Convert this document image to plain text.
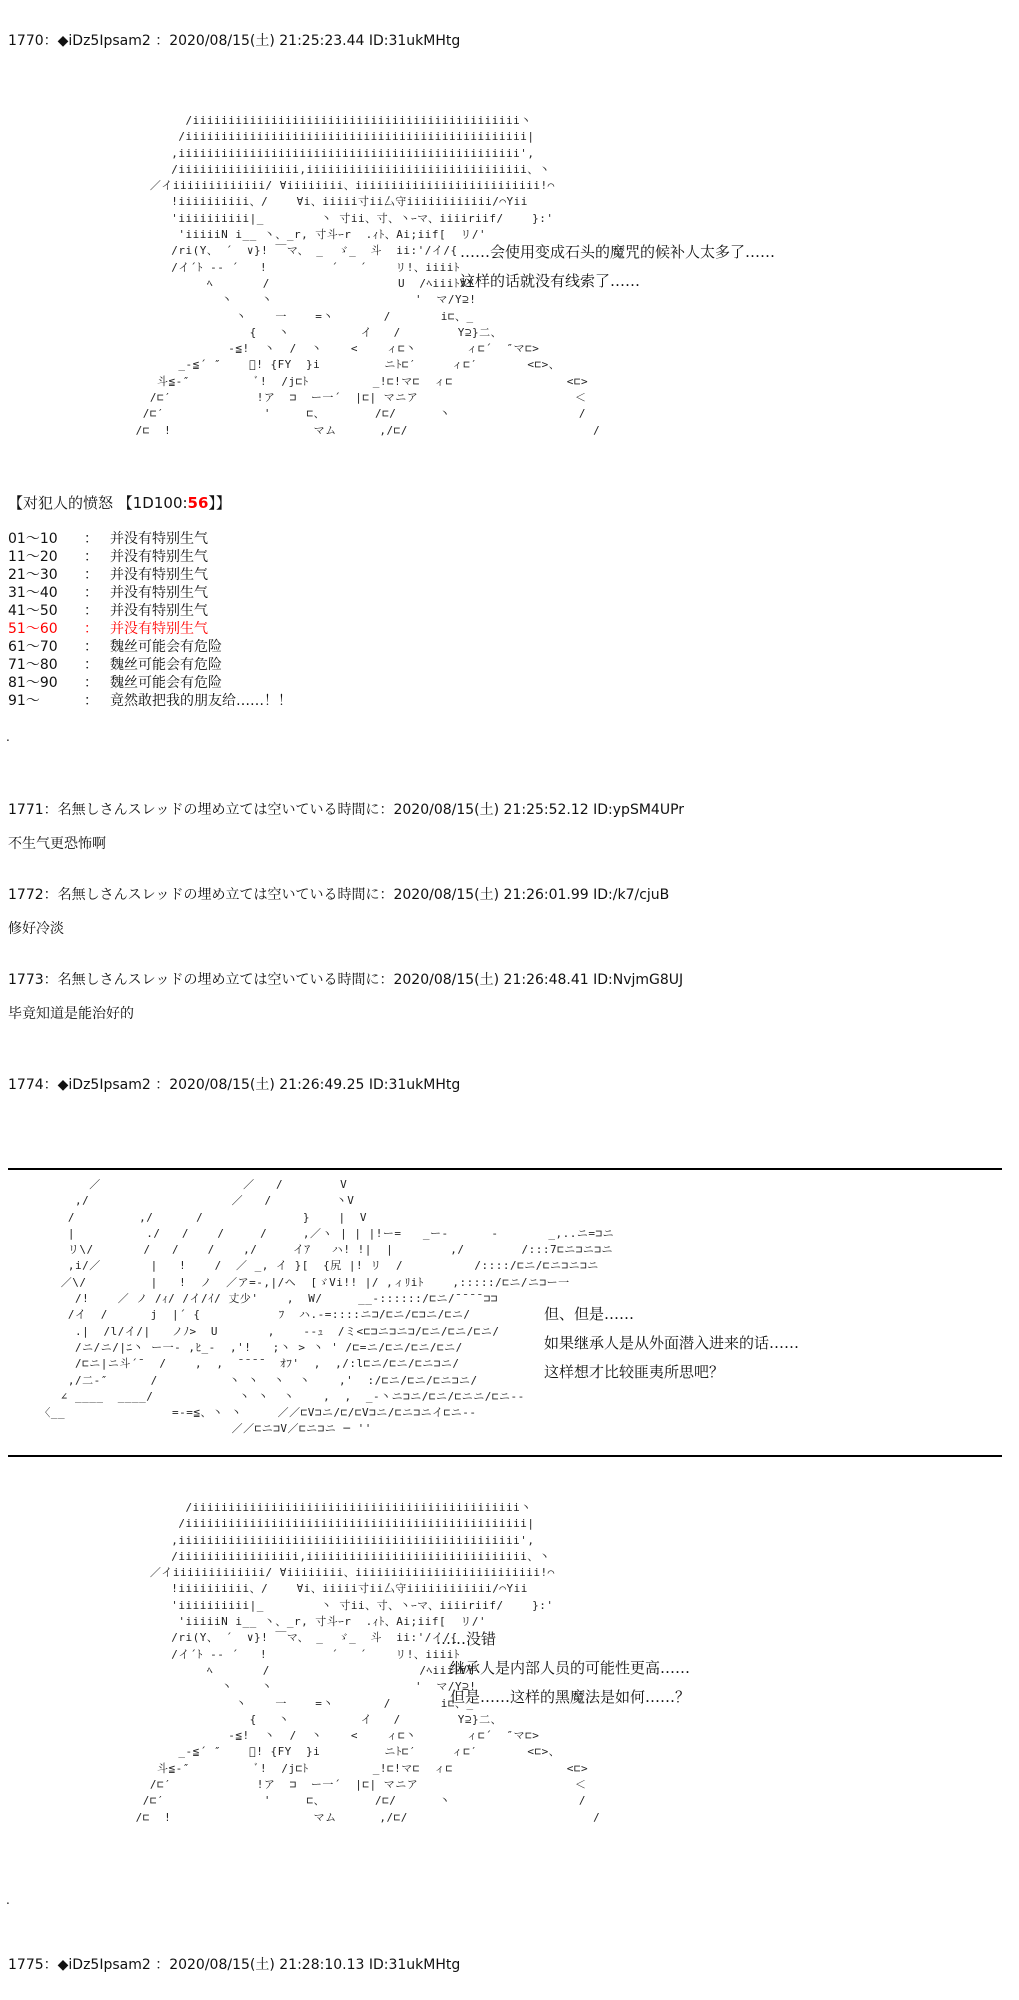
1770：◆iDz5Ipsam2 ：2020/08/15(土) 21:25:23.44 ID:31ukMHtg
/iiiiiiiiiiiiiiiiiiiiiiiiiiiiiiiiiiiiiiiiiiiiii丶
/iiiiiiiiiiiiiiiiiiiiiiiiiiiiiiiiiiiiiiiiiiiiiiii|
,iiiiiiiiiiiiiiiiiiiiiiiiiiiiiiiiiiiiiiiiiiiiiiii',
/iiiiiiiiiiiiiiiii,iiiiiiiiiiiiiiiiiiiiiiiiiiiiiii、丶
／イiiiiiiiiiiiii/ ∀iiiiiiii、iiiiiiiiiiiiiiiiiiiiiiiiii!⌒
!iiiiiiiiii、/    ∀i、iiiii寸ii厶守iiiiiiiiiiii/⌒Yii
'iiiiiiiiii|_        丶 寸ii、寸、丶ｰマ、iiiiriif/    }:'
'iiiiiN i__ 丶、_r, 寸斗ｰr  .ｨﾄ、Ai;iif[  リ/'
/ri(Y、 ´  ∨}! ￣マ、 _  ゞ_  斗  ii:'/イ/{
/イ´ﾄ -- ´   !         ´   ´    リ!、iiiiﾄ
ﾍ       /                  U  /ﾍiiiﾄ∀Y
丶    丶                    '  マ/Y⊇!
丶    一    =丶       /       i⊏、_
{   丶          イ   /        Y⊇}二、
-≦!  丶  /  丶    <    ィ⊏丶       ィ⊏´  ″マ⊏>
_-≦´ ″    ﾞ! {FY  }i         ニﾄ⊏′     ィ⊏′       <⊏>、
斗≦-″         ﾞ!  /j⊏ﾄ         _!⊏!マ⊏  ィ⊏                <⊏>
/⊏′            !ア  ⊐  ー一´  |⊏| マニア                      ＜
/⊏′              '     ⊏、       /⊏/      丶                  /
/⊏  !                    マム      ,/⊏/                          /
……会使用变成石头的魔咒的候补人太多了……
这样的话就没有线索了……
【对犯人的愤怒 【1D100:56】】
01～10	： 并没有特别生气
11～20	： 并没有特别生气
21～30	： 并没有特别生气
31～40	： 并没有特别生气
41～50	： 并没有特别生气
51～60	： 并没有特别生气
61～70	： 魏丝可能会有危险
71～80	： 魏丝可能会有危险
81～90	： 魏丝可能会有危险
91～	： 竟然敢把我的朋友给……！！
.
1771：名無しさんスレッドの埋め立ては空いている時間に：2020/08/15(土) 21:25:52.12 ID:ypSM4UPr
不生气更恐怖啊
1772：名無しさんスレッドの埋め立ては空いている時間に：2020/08/15(土) 21:26:01.99 ID:/k7/cjuB
修好冷淡
1773：名無しさんスレッドの埋め立ては空いている時間に：2020/08/15(土) 21:26:48.41 ID:NvjmG8UJ
毕竟知道是能治好的
1774：◆iDz5Ipsam2 ：2020/08/15(土) 21:26:49.25 ID:31ukMHtg
／                    ／   /        V
,/                    ／   /         丶V
/         ,/      /              }    |  V
|          ./   /    /     /     ,／ヽ | | |!ー=   _ー-      -       _,..ニ=⊐ニ
リ\/       /   /    /    ,/     イｱ   ハ! !|  |        ,/        /:::7⊏ニ⊐ニ⊐ニ
,i/／       |   !    /  ／ _, イ }[  {尻 |! リ  /          /::::/⊏ニ/⊏ニ⊐ニ⊐ニ
／\/         |   !  ノ  ／ア=-,|/ヘ  [ゞVi!! |/ ,ィﾘiﾄ    ,:::::/⊏ニ/ニ⊐ー一
/!    ／ ノ /ｨ/ /イ/ｲ/ 丈少'    ,  W/     __-::::::/⊏ニ/¯¯¯¯⊐⊐
/イ  /      j  |´ {           ﾌ  ハ.-=::::ニ⊐/⊏ニ/⊏⊐ニ/⊏ニ/
.|  /l/イ/|   ノﾉ>  U       ,    --ｭ  /ミ<⊏⊐ニ⊐ニ⊐/⊏ニ/⊏ニ/⊏ニ/
/ニ/ニ/|ﾆ丶 ー一- ,ﾋ_-  ,'!   ;丶 > 丶 ' /⊏=ニ/⊏ニ/⊏ニ/⊏ニ/
/⊏ニ|ニ斗´¯  /    ,  ,  ¯¯¯¯  ｵﾌ'  ,  ,/:l⊏ニ/⊏ニ/⊏ニ⊐ニ/
,/二-″      /          丶 丶  丶  丶    ,'  :/⊏ニ/⊏ニ/⊏ニ⊐ニ/
∠ ____  ____/            丶 丶  丶    ,  ,  _-丶ニ⊐ニ/⊏ニ/⊏ニニ/⊏ニ--
〈__               =-=≦、丶 丶     ／／⊏V⊐ニ/⊏/⊏V⊐ニ/⊏ニ⊐ニイ⊏ニ--
／／⊏ニ⊐V／⊏ニ⊐ニ ─ ''
但、但是……
如果继承人是从外面潜入进来的话……
这样想才比较匪夷所思吧？
/iiiiiiiiiiiiiiiiiiiiiiiiiiiiiiiiiiiiiiiiiiiiii丶
/iiiiiiiiiiiiiiiiiiiiiiiiiiiiiiiiiiiiiiiiiiiiiiii|
,iiiiiiiiiiiiiiiiiiiiiiiiiiiiiiiiiiiiiiiiiiiiiiii',
/iiiiiiiiiiiiiiiii,iiiiiiiiiiiiiiiiiiiiiiiiiiiiiii、丶
／イiiiiiiiiiiiii/ ∀iiiiiiii、iiiiiiiiiiiiiiiiiiiiiiiiii!⌒
!iiiiiiiiii、/    ∀i、iiiii寸ii厶守iiiiiiiiiiii/⌒Yii
'iiiiiiiiii|_        丶 寸ii、寸、丶ｰマ、iiiiriif/    }:'
'iiiiiN i__ 丶、_r, 寸斗ｰr  .ｨﾄ、Ai;iif[  リ/'
/ri(Y、 ´  ∨}! ￣マ、 _  ゞ_  斗  ii:'/イ/{
/イ´ﾄ -- ´   !         ´   ´    リ!、iiiiﾄ
ﾍ       /                     /ﾍiiiﾄ∀Y
丶    丶                    '  マ/Y⊇!
丶    一    =丶       /       i⊏、_
{   丶          イ   /        Y⊇}二、
-≦!  丶  /  丶    <    ィ⊏丶       ィ⊏´  ″マ⊏>
_-≦´ ″    ﾞ! {FY  }i         ニﾄ⊏′     ィ⊏′       <⊏>、
斗≦-″         ﾞ!  /j⊏ﾄ         _!⊏!マ⊏  ィ⊏                <⊏>
/⊏′            !ア  ⊐  ー一´  |⊏| マニア                      ＜
/⊏′              '     ⊏、       /⊏/      丶                  /
/⊏  !                    マム      ,/⊏/                          /
……没错
继承人是内部人员的可能性更高……
但是……这样的黑魔法是如何……？
.
1775：◆iDz5Ipsam2 ：2020/08/15(土) 21:28:10.13 ID:31ukMHtg
